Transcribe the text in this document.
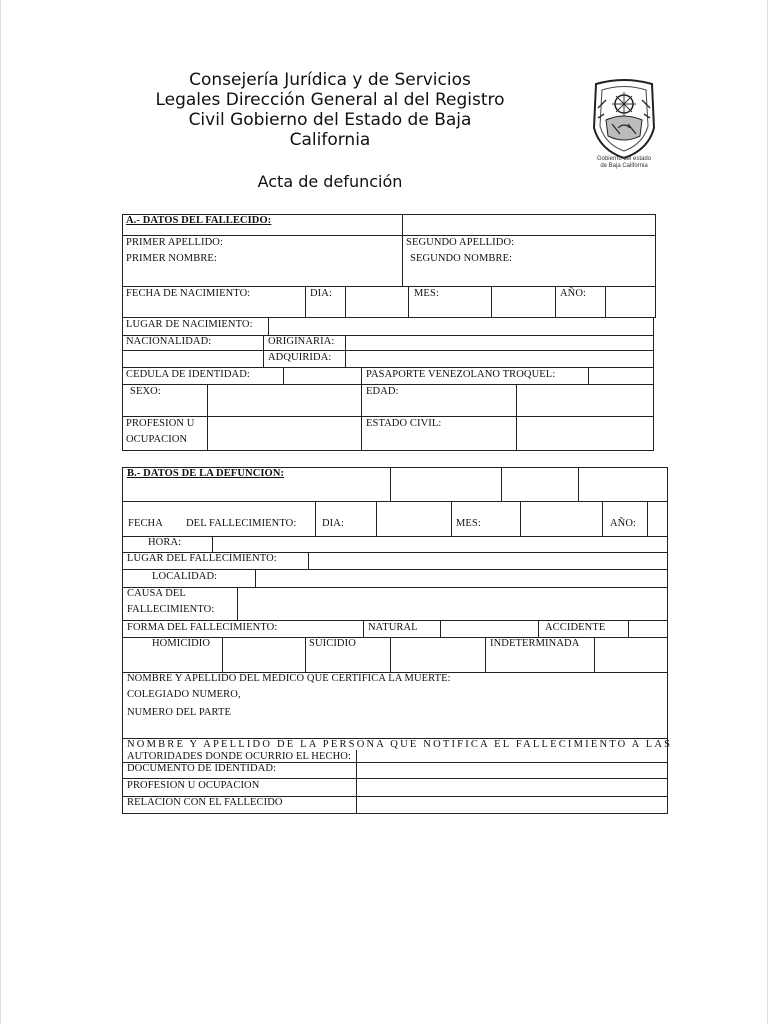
Consejería Jurídica y de Servicios
Legales Dirección General al del Registro
Civil Gobierno del Estado de Baja
California
Acta de defunción
Gobierno del estado
de Baja California
A.- DATOS DEL FALLECIDO:
PRIMER APELLIDO:	SEGUNDO APELLIDO:
PRIMER NOMBRE:	SEGUNDO NOMBRE:
FECHA DE NACIMIENTO:	DIA:	MES:	AÑO:
LUGAR DE NACIMIENTO:
NACIONALIDAD:	ORIGINARIA:
ADQUIRIDA:
CEDULA DE IDENTIDAD:	PASAPORTE VENEZOLANO TROQUEL:
SEXO:	EDAD:
PROFESION U
OCUPACION
ESTADO CIVIL:
B.- DATOS DE LA DEFUNCION:
FECHA DEL FALLECIMIENTO: DIA:	MES:	AÑO:
HORA:
LUGAR DEL FALLECIMIENTO:
LOCALIDAD:
CAUSA DEL
FALLECIMIENTO:
FORMA DEL FALLECIMIENTO:	NATURAL	ACCIDENTE
HOMICIDIO	SUICIDIO	INDETERMINADA
NOMBRE Y APELLIDO DEL MEDICO QUE CERTIFICA LA MUERTE:
COLEGIADO NUMERO,
NUMERO DEL PARTE
NOMBRE Y APELLIDO DE LA PERSONA QUE NOTIFICA EL FALLECIMIENTO A LAS
AUTORIDADES DONDE OCURRIO EL HECHO:
DOCUMENTO DE IDENTIDAD:
PROFESION U OCUPACION
RELACION CON EL FALLECIDO
